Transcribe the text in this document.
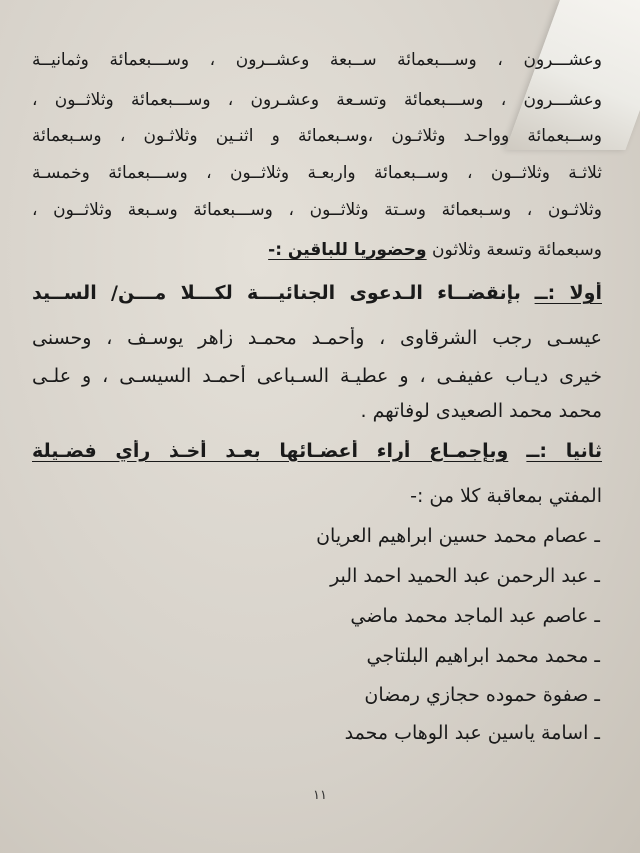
وعشـــرون ، وســـبعمائة ســبعة وعشــرون ، وســـبعمائة وثمانيــة
وعشـــرون ، وســـبعمائة وتسـعة وعشـرون ، وســـبعمائة وثلاثــون ،
وســبعمائة وواحـد وثلاثـون ،وسـبعمائة و اثنـين وثلاثـون ، وسـبعمائة
ثلاثـة وثلاثــون ، وســبعمائة واربعـة وثلاثــون ، وســـبعمائة وخمسـة
وثلاثـون ، وسـبعمائة وسـتة وثلاثــون ، وســـبعمائة وسـبعة وثلاثــون ،
وسبعمائة وتسعة وثلاثون وحضوريا للباقين :-
أولا :ــ بإنقضــاء الـدعوى الجنائيـــة لكـــلا مـــن/ الســيد
عيسـى رجب الشرقاوى ، وأحمـد محمـد زاهر يوسـف ، وحسنى
خيرى ديـاب عفيفـى ، و عطيـة السـباعى أحمـد السيسـى ، و علـى
محمد محمد الصعيدى لوفاتهم .
ثانيا :ــ وبإجمـاع أراء أعضـائها بعـد أخـذ رأي فضـيلة
المفتي بمعاقبة كلا من :-
ـ عصام محمد حسين ابراهيم العريان
ـ عبد الرحمن عبد الحميد احمد البر
ـ عاصم عبد الماجد محمد ماضي
ـ محمد محمد ابراهيم البلتاجي
ـ صفوة حموده حجازي رمضان
ـ اسامة ياسين عبد الوهاب محمد
١١
